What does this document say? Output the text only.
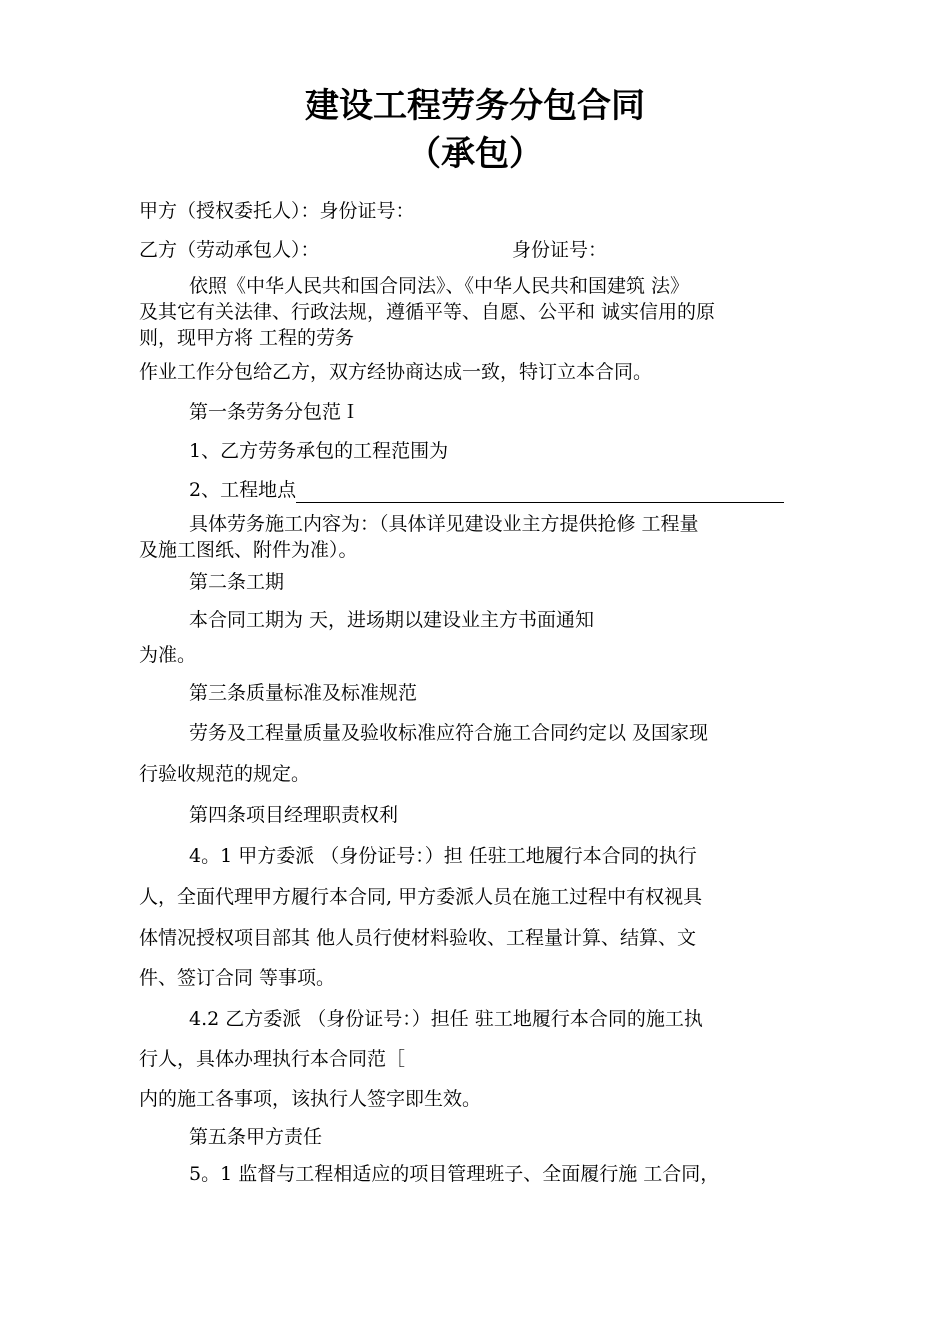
建设工程劳务分包合同
（承包）
甲方（授权委托人）：身份证号：
乙方（劳动承包人）：	身份证号：
依照《中华人民共和国合同法》、《中华人民共和国建筑 法》
及其它有关法律、行政法规，遵循平等、自愿、公平和 诚实信用的原
则，现甲方将 工程的劳务
作业工作分包给乙方，双方经协商达成一致，特订立本合同。
第一条劳务分包范Ｉ
1、乙方劳务承包的工程范围为
2、工程地点
具体劳务施工内容为：（具体详见建设业主方提供抢修 工程量
及施工图纸、附件为准）。
第二条工期
本合同工期为 天，进场期以建设业主方书面通知
为准。
第三条质量标准及标准规范
劳务及工程量质量及验收标准应符合施工合同约定以 及国家现
行验收规范的规定。
第四条项目经理职责权利
4。1 甲方委派 （身份证号：）担 任驻工地履行本合同的执行
人，全面代理甲方履行本合同, 甲方委派人员在施工过程中有权视具
体情况授权项目部其 他人员行使材料验收、工程量计算、结算、文
件、签订合同 等事项。
4.2 乙方委派 （身份证号：）担任 驻工地履行本合同的施工执
行人，具体办理执行本合同范［
内的施工各事项，该执行人签字即生效。
第五条甲方责任
5。1 监督与工程相适应的项目管理班子、全面履行施 工合同，
